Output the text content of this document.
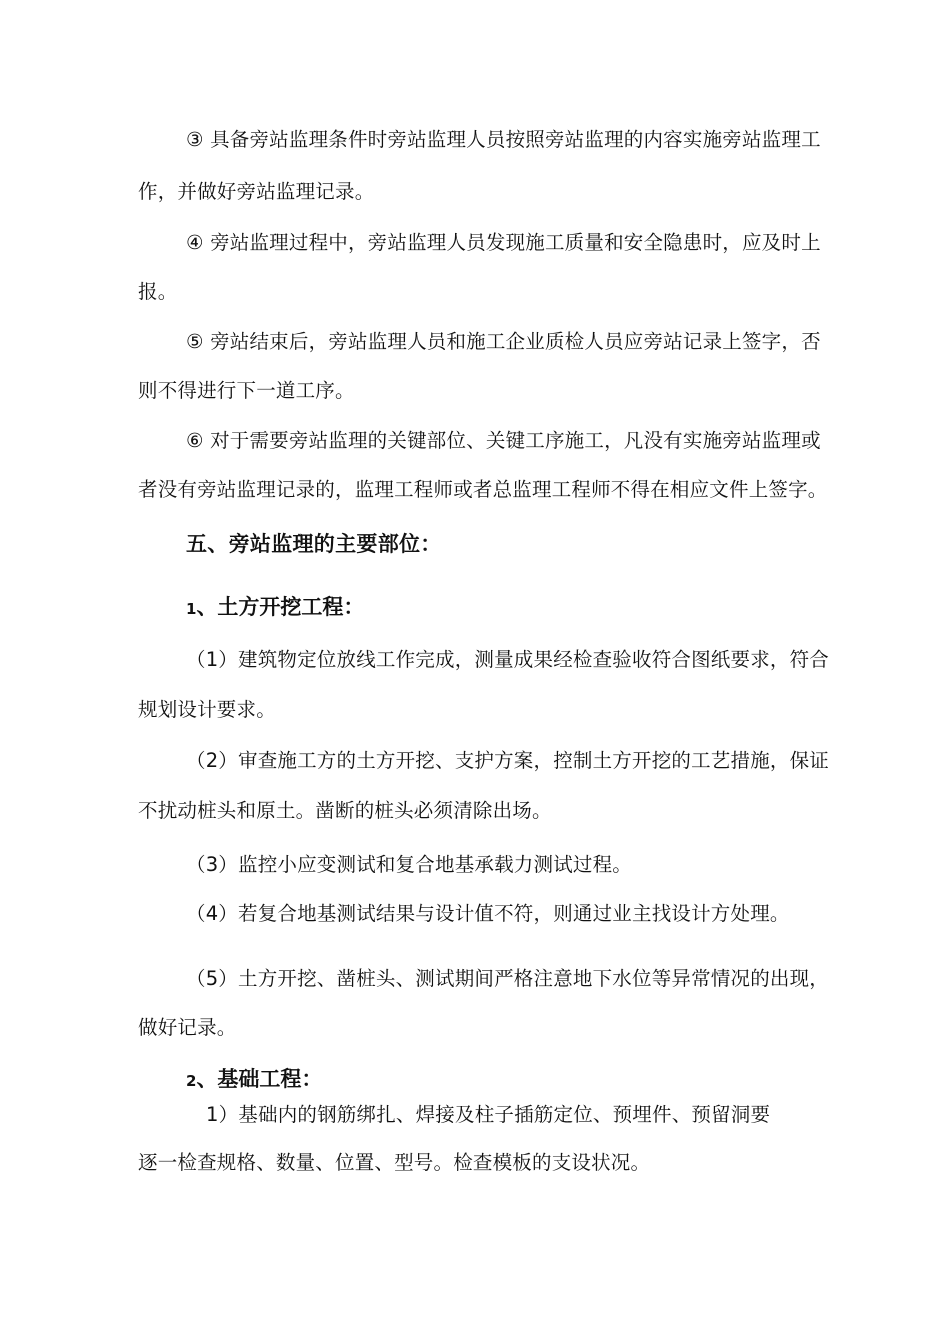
③ 具备旁站监理条件时旁站监理人员按照旁站监理的内容实施旁站监理工
作，并做好旁站监理记录。
④ 旁站监理过程中，旁站监理人员发现施工质量和安全隐患时，应及时上
报。
⑤ 旁站结束后，旁站监理人员和施工企业质检人员应旁站记录上签字，否
则不得进行下一道工序。
⑥ 对于需要旁站监理的关键部位、关键工序施工，凡没有实施旁站监理或
者没有旁站监理记录的，监理工程师或者总监理工程师不得在相应文件上签字。
五、旁站监理的主要部位：
1、土方开挖工程：
（1）建筑物定位放线工作完成，测量成果经检查验收符合图纸要求，符合
规划设计要求。
（2）审查施工方的土方开挖、支护方案，控制土方开挖的工艺措施，保证
不扰动桩头和原土。凿断的桩头必须清除出场。
（3）监控小应变测试和复合地基承载力测试过程。
（4）若复合地基测试结果与设计值不符，则通过业主找设计方处理。
（5）土方开挖、凿桩头、测试期间严格注意地下水位等异常情况的出现，
做好记录。
2、基础工程：
1）基础内的钢筋绑扎、焊接及柱子插筋定位、预埋件、预留洞要
逐一检查规格、数量、位置、型号。检查模板的支设状况。
